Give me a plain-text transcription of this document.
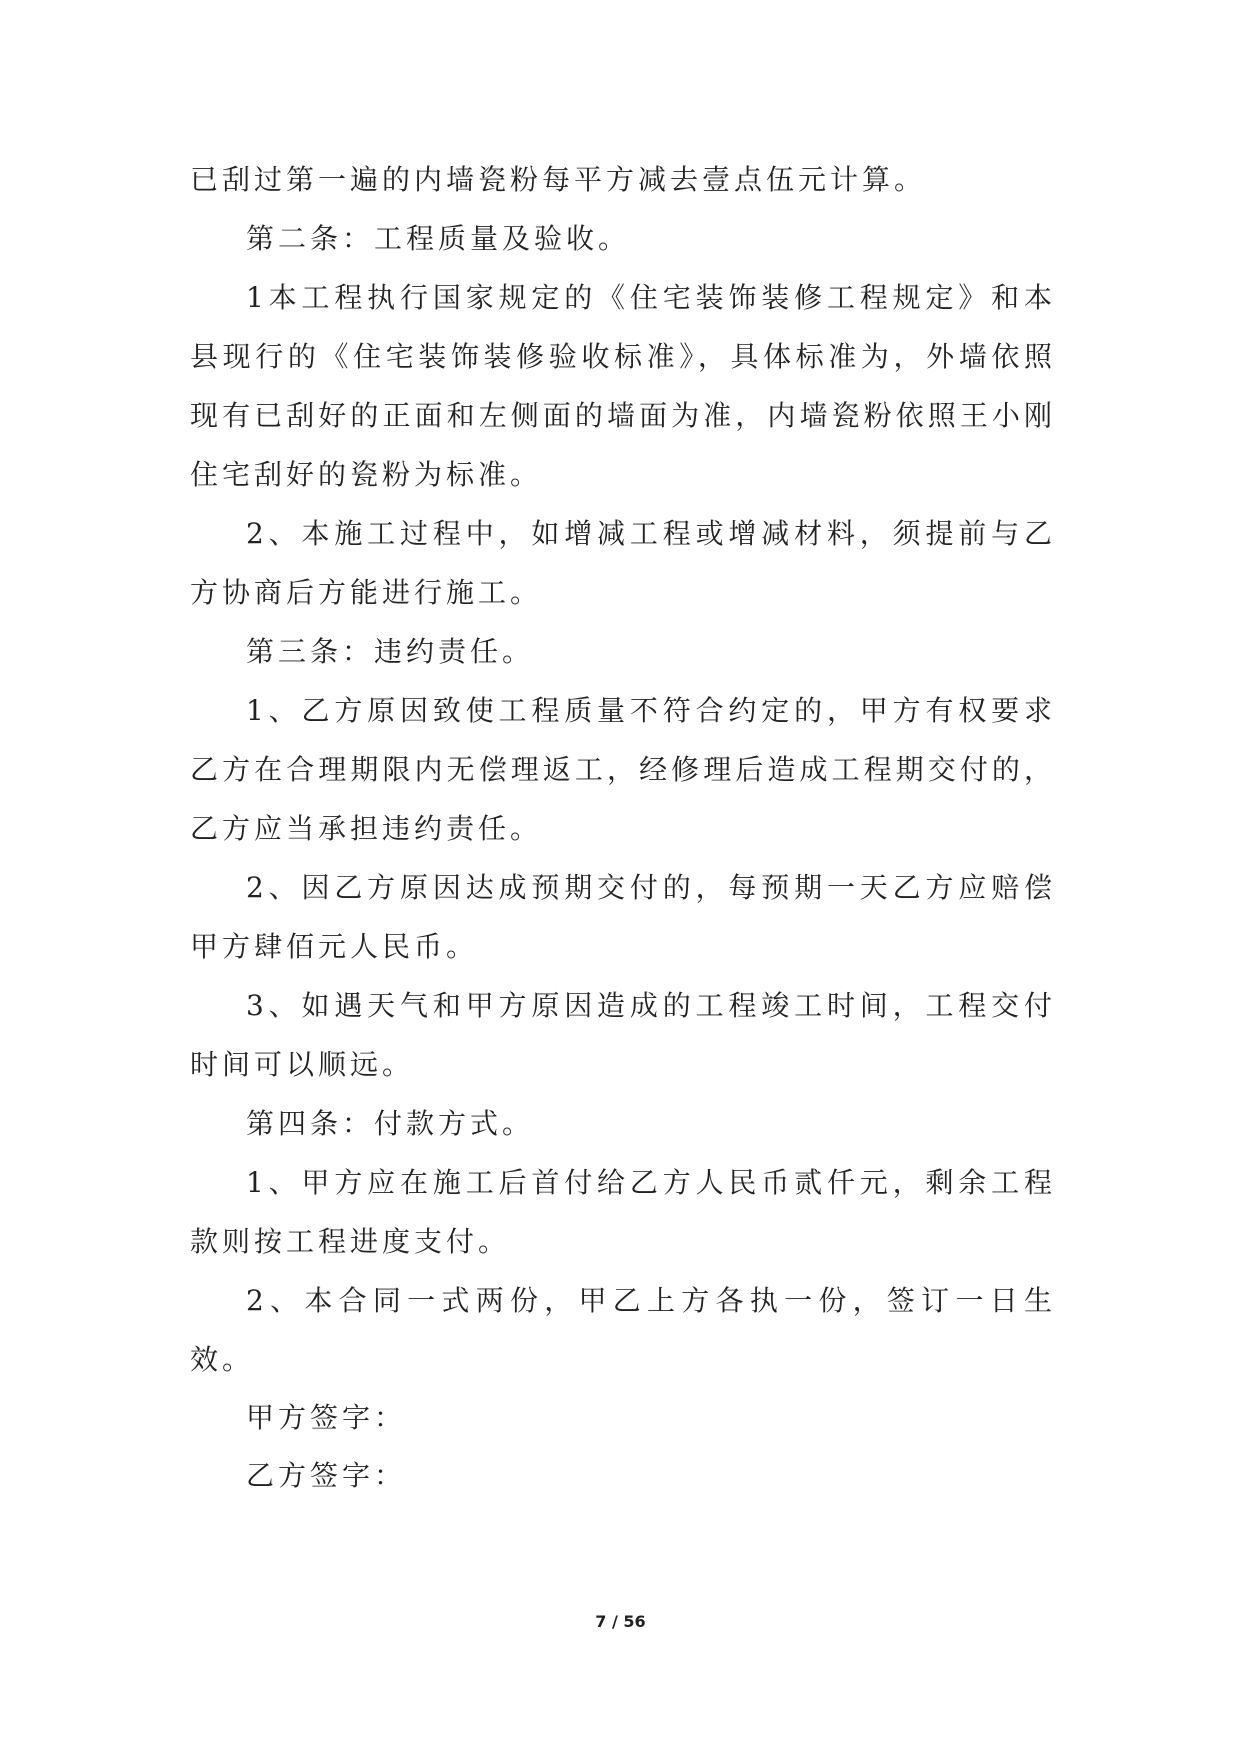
已刮过第一遍的内墙瓷粉每平方减去壹点伍元计算。

第二条：工程质量及验收。

1本工程执行国家规定的《住宅装饰装修工程规定》和本县现行的《住宅装饰装修验收标准》，具体标准为，外墙依照现有已刮好的正面和左侧面的墙面为准，内墙瓷粉依照王小刚住宅刮好的瓷粉为标准。

2、本施工过程中，如增减工程或增减材料，须提前与乙方协商后方能进行施工。

第三条：违约责任。

1、乙方原因致使工程质量不符合约定的，甲方有权要求乙方在合理期限内无偿理返工，经修理后造成工程期交付的，乙方应当承担违约责任。

2、因乙方原因达成预期交付的，每预期一天乙方应赔偿甲方肆佰元人民币。

3、如遇天气和甲方原因造成的工程竣工时间，工程交付时间可以顺远。

第四条：付款方式。

1、甲方应在施工后首付给乙方人民币贰仟元，剩余工程款则按工程进度支付。

2、本合同一式两份，甲乙上方各执一份，签订一日生效。

甲方签字：

乙方签字：

7 / 56
